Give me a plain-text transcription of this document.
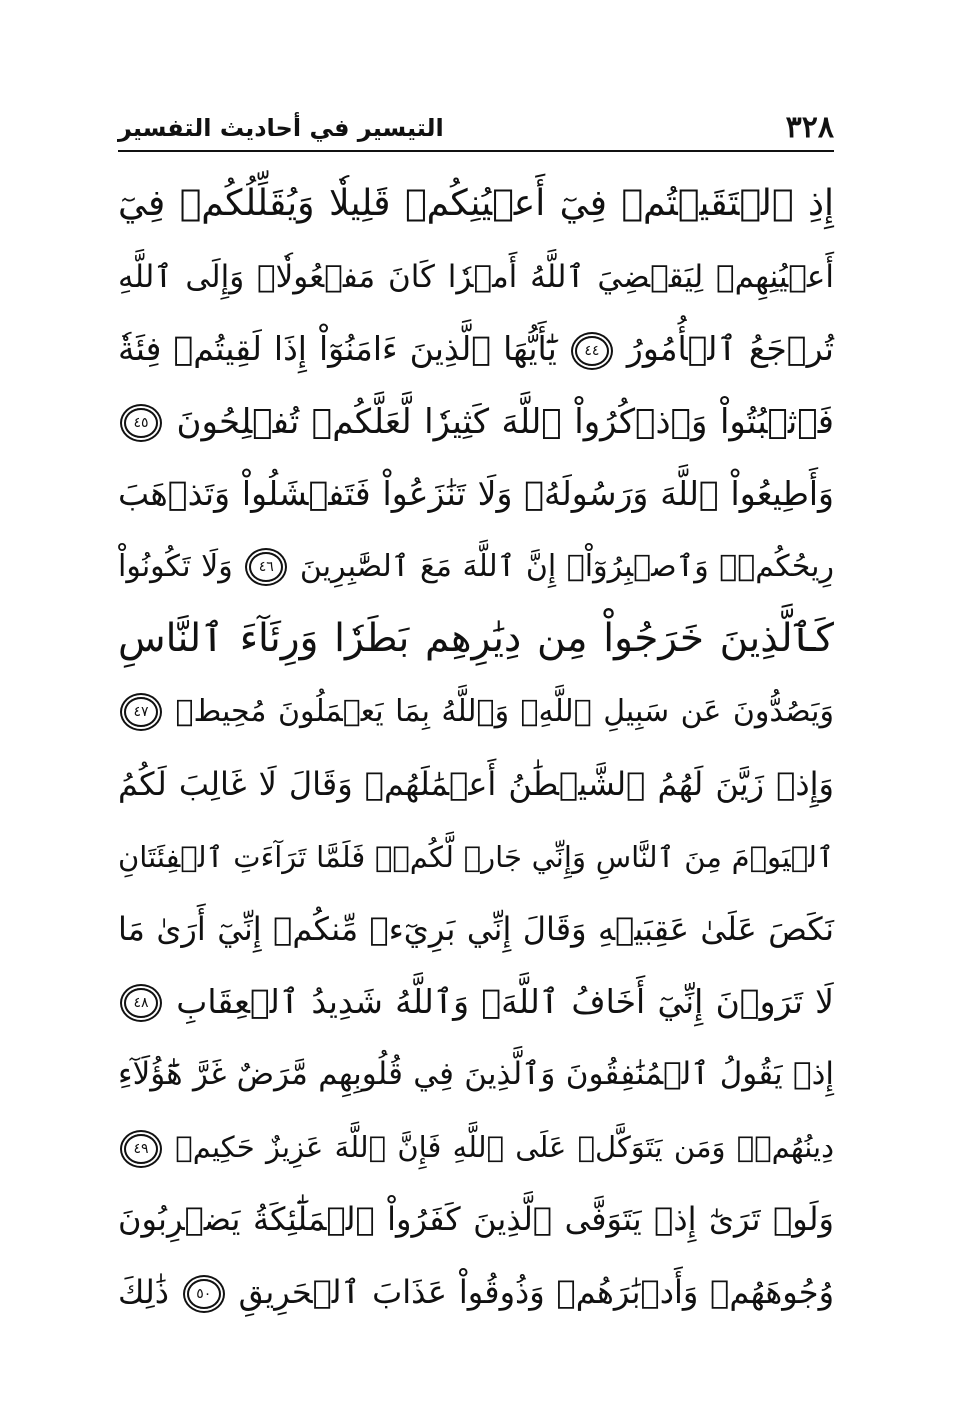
٣٢٨
التيسير في أحاديث التفسير
إِذِ ٱلۡتَقَيۡتُمۡ فِيٓ أَعۡيُنِكُمۡ قَلِيلٗا وَيُقَلِّلُكُمۡ فِيٓ
أَعۡيُنِهِمۡ لِيَقۡضِيَ ٱللَّهُ أَمۡرٗا كَانَ مَفۡعُولٗاۗ وَإِلَى ٱللَّهِ
تُرۡجَعُ ٱلۡأُمُورُ ٤٤ يَٰٓأَيُّهَا ٱلَّذِينَ ءَامَنُوٓاْ إِذَا لَقِيتُمۡ فِئَةٗ
فَٱثۡبُتُواْ وَٱذۡكُرُواْ ٱللَّهَ كَثِيرٗا لَّعَلَّكُمۡ تُفۡلِحُونَ ٤٥
وَأَطِيعُواْ ٱللَّهَ وَرَسُولَهُۥ وَلَا تَنَٰزَعُواْ فَتَفۡشَلُواْ وَتَذۡهَبَ
رِيحُكُمۡۖ وَٱصۡبِرُوٓاْۚ إِنَّ ٱللَّهَ مَعَ ٱلصَّٰبِرِينَ ٤٦ وَلَا تَكُونُواْ
كَٱلَّذِينَ خَرَجُواْ مِن دِيَٰرِهِم بَطَرٗا وَرِئَآءَ ٱلنَّاسِ
وَيَصُدُّونَ عَن سَبِيلِ ٱللَّهِۚ وَٱللَّهُ بِمَا يَعۡمَلُونَ مُحِيطٞ ٤٧
وَإِذۡ زَيَّنَ لَهُمُ ٱلشَّيۡطَٰنُ أَعۡمَٰلَهُمۡ وَقَالَ لَا غَالِبَ لَكُمُ
ٱلۡيَوۡمَ مِنَ ٱلنَّاسِ وَإِنِّي جَارٞ لَّكُمۡۖ فَلَمَّا تَرَآءَتِ ٱلۡفِئَتَانِ
نَكَصَ عَلَىٰ عَقِبَيۡهِ وَقَالَ إِنِّي بَرِيٓءٞ مِّنكُمۡ إِنِّيٓ أَرَىٰ مَا
لَا تَرَوۡنَ إِنِّيٓ أَخَافُ ٱللَّهَۚ وَٱللَّهُ شَدِيدُ ٱلۡعِقَابِ ٤٨
إِذۡ يَقُولُ ٱلۡمُنَٰفِقُونَ وَٱلَّذِينَ فِي قُلُوبِهِم مَّرَضٌ غَرَّ هَٰٓؤُلَآءِ
دِينُهُمۡۗ وَمَن يَتَوَكَّلۡ عَلَى ٱللَّهِ فَإِنَّ ٱللَّهَ عَزِيزٌ حَكِيمٞ ٤٩
وَلَوۡ تَرَىٰٓ إِذۡ يَتَوَفَّى ٱلَّذِينَ كَفَرُواْ ٱلۡمَلَٰٓئِكَةُ يَضۡرِبُونَ
وُجُوهَهُمۡ وَأَدۡبَٰرَهُمۡ وَذُوقُواْ عَذَابَ ٱلۡحَرِيقِ ٥٠ ذَٰلِكَ
